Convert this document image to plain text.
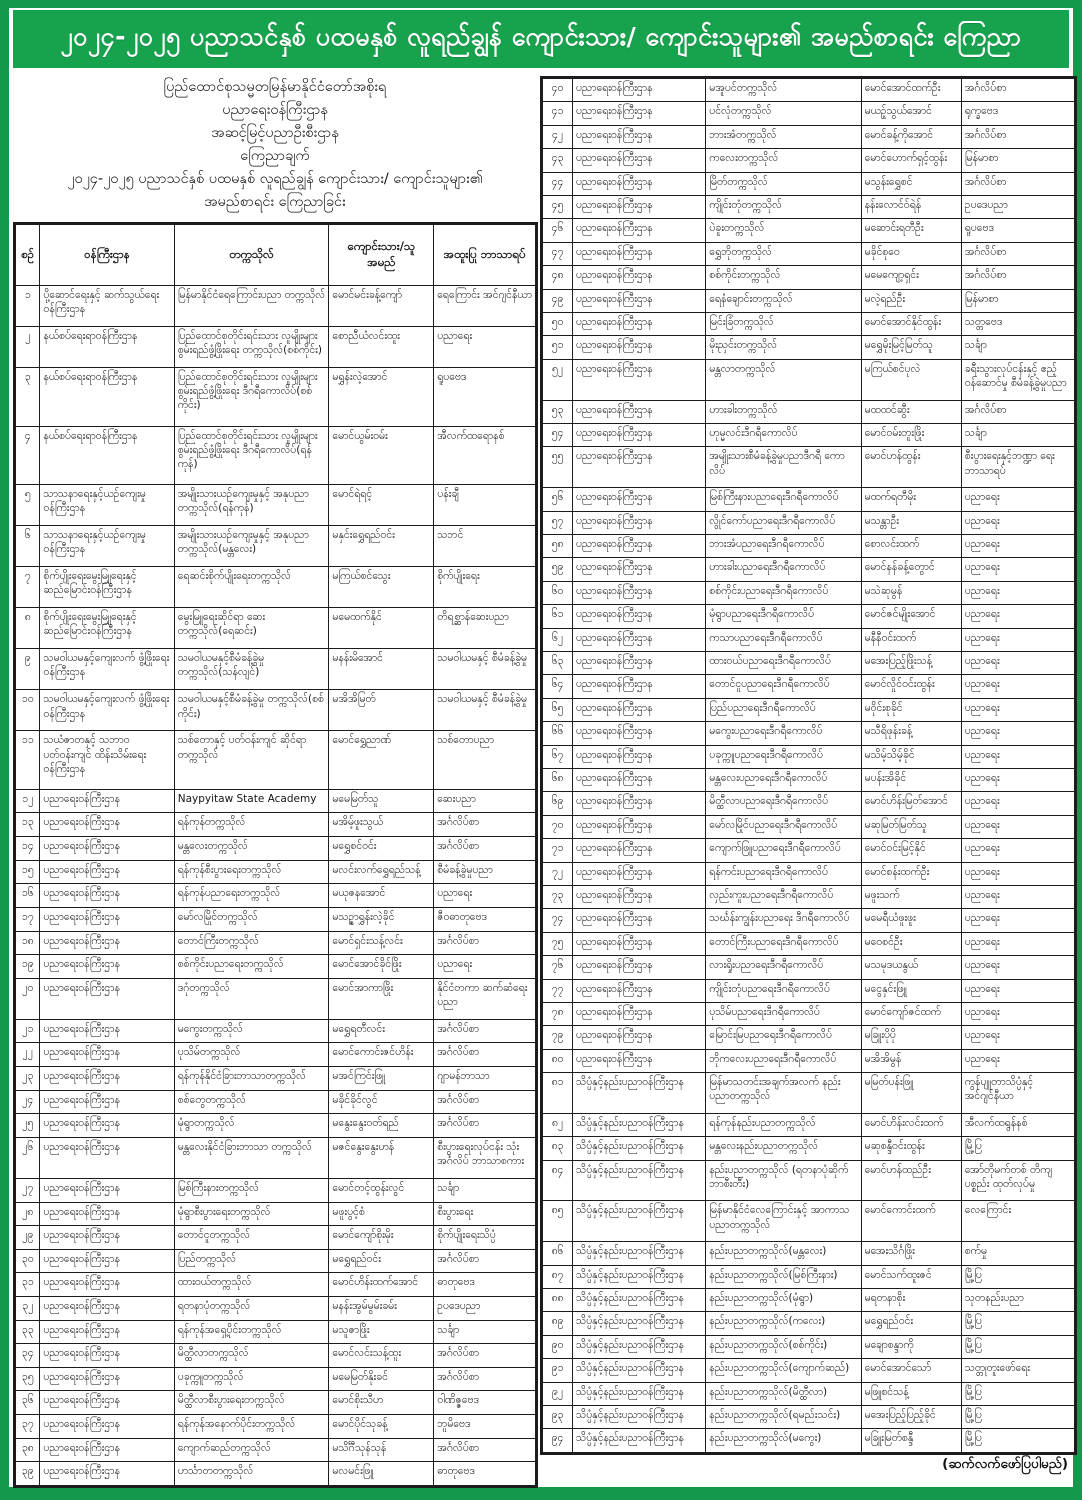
၂၀၂၄-၂၀၂၅ ပညာသင်နှစ် ပထမနှစ် လူရည်ချွန် ကျောင်းသား/ ကျောင်းသူများ၏ အမည်စာရင်း ကြေညာ
ပြည်ထောင်စုသမ္မတမြန်မာနိုင်ငံတော်အစိုးရ
ပညာရေးဝန်ကြီးဌာန
အဆင့်မြင့်ပညာဦးစီးဌာန
ကြေညာချက်
၂၀၂၄-၂၀၂၅ ပညာသင်နှစ် ပထမနှစ် လူရည်ချွန် ကျောင်းသား/ ကျောင်းသူများ၏
အမည်စာရင်း ကြေညာခြင်း
စဉ်	ဝန်ကြီးဌာန	တက္ကသိုလ်	ကျောင်းသား/သူ အမည်	အထူးပြု ဘာသာရပ်
၁	ပို့ဆောင်ရေးနှင့် ဆက်သွယ်ရေးဝန်ကြီးဌာန	မြန်မာနိုင်ငံရေကြောင်းပညာ တက္ကသိုလ်	မောင်မင်းခန့်ကျော်	ရေကြောင်း အင်ဂျင်နီယာ
၂	နယ်စပ်ရေးရာဝန်ကြီးဌာန	ပြည်ထောင်စုတိုင်းရင်းသား လူမျိုးများစွမ်းရည်ဖွံ့ဖြိုးရေး တက္ကသိုလ်(စစ်ကိုင်း)	စောညီယံလင်းထူး	ပညာရေး
၃	နယ်စပ်ရေးရာဝန်ကြီးဌာန	ပြည်ထောင်စုတိုင်းရင်းသား လူမျိုးများစွမ်းရည်ဖွံ့ဖြိုးရေး ဒီဂရီကောလိပ်(စစ်ကိုင်း)	မရွှန်းလဲ့အောင်	ရူပဗေဒ
၄	နယ်စပ်ရေးရာဝန်ကြီးဌာန	ပြည်ထောင်စုတိုင်းရင်းသား လူမျိုးများစွမ်းရည်ဖွံ့ဖြိုးရေး ဒီဂရီကောလိပ်(ရန်ကုန်)	မောင်ယွမ်းဝမ်း	အီလက်ထရောနစ်
၅	သာသနာရေးနှင့်ယဉ်ကျေးမှု ဝန်ကြီးဌာန	အမျိုးသားယဉ်ကျေးမှုနှင့် အနုပညာတက္ကသိုလ်(ရန်ကုန်)	မောင်ရဲရင့်	ပန်းချီ
၆	သာသနာရေးနှင့်ယဉ်ကျေးမှု ဝန်ကြီးဌာန	အမျိုးသားယဉ်ကျေးမှုနှင့် အနုပညာတက္ကသိုလ်(မန္တလေး)	မနှင်းရွှေရည်ဝင်း	သဘင်
၇	စိုက်ပျိုးရေးမွေးမြူရေးနှင့် ဆည်မြောင်းဝန်ကြီးဌာန	ရေဆင်းစိုက်ပျိုးရေးတက္ကသိုလ်	မကြယ်စင်သွေး	စိုက်ပျိုးရေး
၈	စိုက်ပျိုးရေးမွေးမြူရေးနှင့် ဆည်မြောင်းဝန်ကြီးဌာန	မွေးမြူရေးဆိုင်ရာ ဆေးတက္ကသိုလ်(ရေဆင်း)	မမေထက်နိုင်	တိရစ္ဆာန်ဆေးပညာ
၉	သမဝါယမနှင့်ကျေးလက် ဖွံ့ဖြိုးရေးဝန်ကြီးဌာန	သမဝါယမနှင့်စီမံခန့်ခွဲမှု တက္ကသိုလ်(သန်လျင်)	မနန်းမိအောင်	သမဝါယမနှင့် စီမံခန့်ခွဲမှု
၁၀	သမဝါယမနှင့်ကျေးလက် ဖွံ့ဖြိုးရေးဝန်ကြီးဌာန	သမဝါယမနှင့်စီမံခန့်ခွဲမှု တက္ကသိုလ်(စစ်ကိုင်း)	မအိအိမြတ်	သမဝါယမနှင့် စီမံခန့်ခွဲမှု
၁၁	သယံဇာတနှင့် သဘာဝပတ်ဝန်းကျင် ထိန်းသိမ်းရေး ဝန်ကြီးဌာန	သစ်တောနှင့် ပတ်ဝန်းကျင် ဆိုင်ရာတက္ကသိုလ်	မောင်ရွှေညာဏ်	သစ်တောပညာ
၁၂	ပညာရေးဝန်ကြီးဌာန	Naypyitaw State Academy	မမေမြတ်သူ	ဆေးပညာ
၁၃	ပညာရေးဝန်ကြီးဌာန	ရန်ကုန်တက္ကသိုလ်	မအိမ့်ဖူးသွယ်	အင်္ဂလိပ်စာ
၁၄	ပညာရေးဝန်ကြီးဌာန	မန္တလေးတက္ကသိုလ်	မရွှေစင်ဝင်း	အင်္ဂလိပ်စာ
၁၅	ပညာရေးဝန်ကြီးဌာန	ရန်ကုန်စီးပွားရေးတက္ကသိုလ်	မလင်းလက်ရွှေရည်သန့်	စီမံခန့်ခွဲမှုပညာ
၁၆	ပညာရေးဝန်ကြီးဌာန	ရန်ကုန်ပညာရေးတက္ကသိုလ်	မယုဇနအောင်	ပညာရေး
၁၇	ပညာရေးဝန်ကြီးဌာန	မော်လမြိုင်တက္ကသိုလ်	မသဥ္ဇာရွှန်းလဲ့ခိုင်	ဇီဝဓာတုဗေဒ
၁၈	ပညာရေးဝန်ကြီးဌာန	တောင်ကြီးတက္ကသိုလ်	မောင်ရှင်းသန့်လင်း	အင်္ဂလိပ်စာ
၁၉	ပညာရေးဝန်ကြီးဌာန	စစ်ကိုင်းပညာရေးတက္ကသိုလ်	မောင်အောင်ခိုင်ဖြိုး	ပညာရေး
၂၀	ပညာရေးဝန်ကြီးဌာန	ဒဂုံတက္ကသိုလ်	မောင်အာကာဖြိုး	နိုင်ငံတကာ ဆက်ဆံရေးပညာ
၂၁	ပညာရေးဝန်ကြီးဌာန	မကွေးတက္ကသိုလ်	မရွှေရတီလင်း	အင်္ဂလိပ်စာ
၂၂	ပညာရေးဝန်ကြီးဌာန	ပုသိမ်တက္ကသိုလ်	မောင်ကောင်းဇင်ဟိန်း	အင်္ဂလိပ်စာ
၂၃	ပညာရေးဝန်ကြီးဌာန	ရန်ကုန်နိုင်ငံခြားဘာသာတက္ကသိုလ်	မအင်ကြင်းဖြူ	ဂျာမန်ဘာသာ
၂၄	ပညာရေးဝန်ကြီးဌာန	စစ်တွေတက္ကသိုလ်	မခိုင်ခိုင်လွင်	အင်္ဂလိပ်စာ
၂၅	ပညာရေးဝန်ကြီးဌာန	မုံရွာတက္ကသိုလ်	မနွေးနွေးဝတ်ရည်	အင်္ဂလိပ်စာ
၂၆	ပညာရေးဝန်ကြီးဌာန	မန္တလေးနိုင်ငံခြားဘာသာ တက္ကသိုလ်	မဇင်နွေးနွေးဟန်	စီးပွားရေးလုပ်ငန်း သုံး အင်္ဂလိပ် ဘာသာစကား
၂၇	ပညာရေးဝန်ကြီးဌာန	မြစ်ကြီးနားတက္ကသိုလ်	မောင်တင့်ထွန်းလွင်	သင်္ချာ
၂၈	ပညာရေးဝန်ကြီးဌာန	မုံရွာစီးပွားရေးတက္ကသိုလ်	မဖူးပွင့်စံ	စီးပွားရေး
၂၉	ပညာရေးဝန်ကြီးဌာန	တောင်ငူတက္ကသိုလ်	မောင်ကျော်စိုးမိုး	စိုက်ပျိုးရေးသိပ္ပံ
၃၀	ပညာရေးဝန်ကြီးဌာန	ပြည်တက္ကသိုလ်	မရွှေရည်ဝင်း	အင်္ဂလိပ်စာ
၃၁	ပညာရေးဝန်ကြီးဌာန	ထားဝယ်တက္ကသိုလ်	မောင်ဟိန်းထက်အောင်	ဓာတုဗေဒ
၃၂	ပညာရေးဝန်ကြီးဌာန	ရတနာပုံတက္ကသိုလ်	မနန်းအွမ်မွမ်းခမ်း	ဥပဒေပညာ
၃၃	ပညာရေးဝန်ကြီးဌာန	ရန်ကုန်အရှေ့ပိုင်းတက္ကသိုလ်	မသူဇာဖြိုး	သင်္ချာ
၃၄	ပညာရေးဝန်ကြီးဌာန	မိတ္ထီလာတက္ကသိုလ်	မောင်လင်းသန့်ထူး	အင်္ဂလိပ်စာ
၃၅	ပညာရေးဝန်ကြီးဌာန	ပခုက္ကူတက္ကသိုလ်	မမေမြတ်နိုးခင်	အင်္ဂလိပ်စာ
၃၆	ပညာရေးဝန်ကြီးဌာန	မိတ္ထီလာစီးပွားရေးတက္ကသိုလ်	မောင်စိုးသီဟ	ဝါဏိဇ္ဇဗေဒ
၃၇	ပညာရေးဝန်ကြီးဌာန	ရန်ကုန်အနောက်ပိုင်းတက္ကသိုလ်	မောင်ပိုင်သုခန့်	ဘူမိဗေဒ
၃၈	ပညာရေးဝန်ကြီးဌာန	ကျောက်ဆည်တက္ကသိုလ်	မသိင်္ဂီသုန်သုန်	အင်္ဂလိပ်စာ
၃၉	ပညာရေးဝန်ကြီးဌာန	ဟင်္သာတတက္ကသိုလ်	မလမင်းဖြူ	ဓာတုဗေဒ
၄၀	ပညာရေးဝန်ကြီးဌာန	မအူပင်တက္ကသိုလ်	မောင်အောင်ထက်ဦး	အင်္ဂလိပ်စာ
၄၁	ပညာရေးဝန်ကြီးဌာန	ပင်လုံတက္ကသိုလ်	မယဉ့်သွယ်အောင်	ရုက္ခဗေဒ
၄၂	ပညာရေးဝန်ကြီးဌာန	ဘားအံတက္ကသိုလ်	မောင်ခန့်ကိုအောင်	အင်္ဂလိပ်စာ
၄၃	ပညာရေးဝန်ကြီးဌာန	ကလေးတက္ကသိုလ်	မောင်ဟောက်ရှင့်ထွန်း	မြန်မာစာ
၄၄	ပညာရေးဝန်ကြီးဌာန	မြိတ်တက္ကသိုလ်	မသွန်းရွှေစင်	အင်္ဂလိပ်စာ
၄၅	ပညာရေးဝန်ကြီးဌာန	ကျိုင်းတုံတက္ကသိုလ်	နန်းလောင်ဝ်ရဲန်	ဥပဒေပညာ
၄၆	ပညာရေးဝန်ကြီးဌာန	ပဲခူးတက္ကသိုလ်	မဆောင်းရတီဦး	ရူပဗေဒ
၄၇	ပညာရေးဝန်ကြီးဌာန	ရွှေဘိုတက္ကသိုလ်	မခိုင်စုဝေ	အင်္ဂလိပ်စာ
၄၈	ပညာရေးဝန်ကြီးဌာန	စစ်ကိုင်းတက္ကသိုလ်	မမေကျော့ရှင်း	အင်္ဂလိပ်စာ
၄၉	ပညာရေးဝန်ကြီးဌာန	ရေနံချောင်းတက္ကသိုလ်	မလဲ့ရည်ဦး	မြန်မာစာ
၅၀	ပညာရေးဝန်ကြီးဌာန	မြင်းခြံတက္ကသိုလ်	မောင်အောင်နိုင်ထွန်း	သတ္တဗေဒ
၅၁	ပညာရေးဝန်ကြီးဌာန	မိုးညှင်းတက္ကသိုလ်	မရွှေမိုးမြင့်မြတ်သူ	သင်္ချာ
၅၂	ပညာရေးဝန်ကြီးဌာန	မန္တလာတက္ကသိုလ်	မကြယ်စင်ပုလဲ	ခရီးသွားလုပ်ငန်းနှင့် ဧည့်ဝန်ဆောင်မှု စီမံခန့်ခွဲမှုပညာ
၅၃	ပညာရေးဝန်ကြီးဌာန	ဟားခါးတက္ကသိုလ်	မထထင်ဆွီး	အင်္ဂလိပ်စာ
၅၄	ပညာရေးဝန်ကြီးဌာန	ဟုမ္မလင်းဒီဂရီကောလိပ်	မောင်ဝမ်းတူးဖြိုး	သင်္ချာ
၅၅	ပညာရေးဝန်ကြီးဌာန	အမျိုးသားစီမံခန့်ခွဲမှုပညာဒီဂရီ ကောလိပ်	မောင်ဟန်ထွန်း	စီးပွားရေးနှင့်ဘဏ္ဍာ ရေး ဘာသာရပ်
၅၆	ပညာရေးဝန်ကြီးဌာန	မြစ်ကြီးနားပညာရေးဒီဂရီကောလိပ်	မထက်ရတီမိုး	ပညာရေး
၅၇	ပညာရေးဝန်ကြီးဌာန	လွိုင်ကော်ပညာရေးဒီဂရီကောလိပ်	မသန္တာဦး	ပညာရေး
၅၈	ပညာရေးဝန်ကြီးဌာန	ဘားအံပညာရေးဒီဂရီကောလိပ်	စောလင်းထက်	ပညာရေး
၅၉	ပညာရေးဝန်ကြီးဌာန	ဟားခါးပညာရေးဒီဂရီကောလိပ်	မောင်နန်ခန့်တွောင်	ပညာရေး
၆၀	ပညာရေးဝန်ကြီးဌာန	စစ်ကိုင်းပညာရေးဒီဂရီကောလိပ်	မသဲဆုမွန်	ပညာရေး
၆၁	ပညာရေးဝန်ကြီးဌာန	မုံရွာပညာရေးဒီဂရီကောလိပ်	မောင်ဇင်မျိုးအောင်	ပညာရေး
၆၂	ပညာရေးဝန်ကြီးဌာန	ကသာပညာရေးဒီဂရီကောလိပ်	မနီနီဝင်းထက်	ပညာရေး
၆၃	ပညာရေးဝန်ကြီးဌာန	ထားဝယ်ပညာရေးဒီဂရီကောလိပ်	မအေးပြည့်ဖြိုးသန့်	ပညာရေး
၆၄	ပညာရေးဝန်ကြီးဌာန	တောင်ငူပညာရေးဒီဂရီကောလိပ်	မောင်လှိုင်ဝင်းထွန်း	ပညာရေး
၆၅	ပညာရေးဝန်ကြီးဌာန	ပြည်ပညာရေးဒီဂရီကောလိပ်	မဝိုင်းစုခိုင်	ပညာရေး
၆၆	ပညာရေးဝန်ကြီးဌာန	မကွေးပညာရေးဒီဂရီကောလိပ်	မသီရိဖုန်းခန့်	ပညာရေး
၆၇	ပညာရေးဝန်ကြီးဌာန	ပခုက္ကူပညာရေးဒီဂရီကောလိပ်	မသိမ့်သိမ့်ခိုင်	ပညာရေး
၆၈	ပညာရေးဝန်ကြီးဌာန	မန္တလေးပညာရေးဒီဂရီကောလိပ်	မပန်းအိခိုင်	ပညာရေး
၆၉	ပညာရေးဝန်ကြီးဌာန	မိတ္ထီလာပညာရေးဒီဂရီကောလိပ်	မောင်ဟိန်းမြတ်အောင်	ပညာရေး
၇၀	ပညာရေးဝန်ကြီးဌာန	မော်လမြိုင်ပညာရေးဒီဂရီကောလိပ်	မဆုမြတ်မြတ်သူ	ပညာရေး
၇၁	ပညာရေးဝန်ကြီးဌာန	ကျောက်ဖြူပညာရေးဒီဂရီကောလိပ်	မောင်ဝင်းမြင့်နိုင်	ပညာရေး
၇၂	ပညာရေးဝန်ကြီးဌာန	ရန်ကင်းပညာရေးဒီဂရီကောလိပ်	မောင်စန်းထက်ဦး	ပညာရေး
၇၃	ပညာရေးဝန်ကြီးဌာန	လှည်းကူးပညာရေးဒီဂရီကောလိပ်	မဖူးသက်	ပညာရေး
၇၄	ပညာရေးဝန်ကြီးဌာန	သင်္ဃန်းကျွန်းပညာရေး ဒီဂရီကောလိပ်	မမေရီယံဖူးဖူး	ပညာရေး
၇၅	ပညာရေးဝန်ကြီးဌာန	တောင်ကြီးပညာရေးဒီဂရီကောလိပ်	မဝေစင်ဦး	ပညာရေး
၇၆	ပညာရေးဝန်ကြီးဌာန	လားရှိုးပညာရေးဒီဂရီကောလိပ်	မသမုဒယနွယ်	ပညာရေး
၇၇	ပညာရေးဝန်ကြီးဌာန	ကျိုင်းတုံပညာရေးဒီဂရီကောလိပ်	မငွေနှင်းဖြူ	ပညာရေး
၇၈	ပညာရေးဝန်ကြီးဌာန	ပုသိမ်ပညာရေးဒီဂရီကောလိပ်	မောင်ကျော်ဇင်ထက်	ပညာရေး
၇၉	ပညာရေးဝန်ကြီးဌာန	မြောင်းမြပညာရေးဒီဂရီကောလိပ်	မခြူးပိုပို	ပညာရေး
၈၀	ပညာရေးဝန်ကြီးဌာန	ဘိုကလေးပညာရေးဒီဂရီကောလိပ်	မအိအိမွန်	ပညာရေး
၈၁	သိပ္ပံနှင့်နည်းပညာဝန်ကြီးဌာန	မြန်မာသတင်းအချက်အလက် နည်းပညာတက္ကသိုလ်	မမြတ်ပန်းဖြူ	ကွန်ပျူတာသိပ္ပံနှင့် အင်ဂျင်နီယာ
၈၂	သိပ္ပံနှင့်နည်းပညာဝန်ကြီးဌာန	ရန်ကုန်နည်းပညာတက္ကသိုလ်	မောင်ဟိန်းလင်းထက်	အီလက်ထရွန်နစ်
၈၃	သိပ္ပံနှင့်နည်းပညာဝန်ကြီးဌာန	မန္တလေးနည်းပညာတက္ကသိုလ်	မဆုစန္ဒီဝင်းထွန်း	မြို့ပြ
၈၄	သိပ္ပံနှင့်နည်းပညာဝန်ကြီးဌာန	နည်းပညာတက္ကသိုလ် (ရတနာပုံဆိုက်ဘာစီးတီး)	မောင်ဟန်ထည်ဦး	အော်တိုမက်တစ် တိကျပစ္စည်း ထုတ်လုပ်မှု
၈၅	သိပ္ပံနှင့်နည်းပညာဝန်ကြီးဌာန	မြန်မာနိုင်ငံလေကြောင်းနှင့် အာကာသပညာတက္ကသိုလ်	မောင်ကောင်းထက်	လေကြောင်း
၈၆	သိပ္ပံနှင့်နည်းပညာဝန်ကြီးဌာန	နည်းပညာတက္ကသိုလ်(မန္တလေး)	မအေးသိင်္ဂဖြိုး	စက်မှု
၈၇	သိပ္ပံနှင့်နည်းပညာဝန်ကြီးဌာန	နည်းပညာတက္ကသိုလ်(မြစ်ကြီးနား)	မောင်သက်ထူးဇင်	မြို့ပြ
၈၈	သိပ္ပံနှင့်နည်းပညာဝန်ကြီးဌာန	နည်းပညာတက္ကသိုလ်(မုံရွာ)	မရတနာစိုး	သုတနည်းပညာ
၈၉	သိပ္ပံနှင့်နည်းပညာဝန်ကြီးဌာန	နည်းပညာတက္ကသိုလ်(ကလေး)	မရွှေရည်ဝင်း	မြို့ပြ
၉၀	သိပ္ပံနှင့်နည်းပညာဝန်ကြီးဌာန	နည်းပညာတက္ကသိုလ်(စစ်ကိုင်း)	မချောစန္ဒာကို	မြို့ပြ
၉၁	သိပ္ပံနှင့်နည်းပညာဝန်ကြီးဌာန	နည်းပညာတက္ကသိုလ်(ကျောက်ဆည်)	မောင်အောင်သော်	သတ္တုတူးဖော်ရေး
၉၂	သိပ္ပံနှင့်နည်းပညာဝန်ကြီးဌာန	နည်းပညာတက္ကသိုလ်(မိတ္ထီလာ)	မဖြူစင်သန့်	မြို့ပြ
၉၃	သိပ္ပံနှင့်နည်းပညာဝန်ကြီးဌာန	နည်းပညာတက္ကသိုလ်(ရမည်းသင်း)	မအေးပြည့်ပြည့်ခိုင်	မြို့ပြ
၉၄	သိပ္ပံနှင့်နည်းပညာဝန်ကြီးဌာန	နည်းပညာတက္ကသိုလ်(မကွေး)	မခြူးမြတ်စန္ဒီ	မြို့ပြ
(ဆက်လက်ဖော်ပြပါမည်)
